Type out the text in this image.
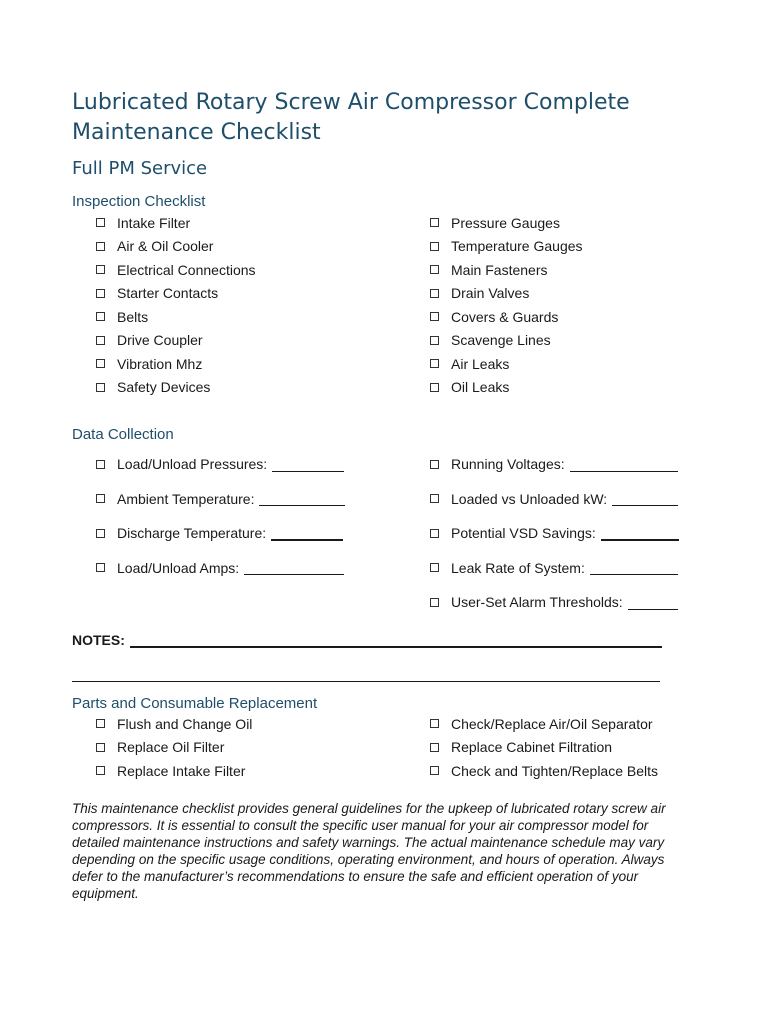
Lubricated Rotary Screw Air Compressor Complete Maintenance Checklist
Full PM Service
Inspection Checklist
Intake Filter
Air & Oil Cooler
Electrical Connections
Starter Contacts
Belts
Drive Coupler
Vibration Mhz
Safety Devices
Pressure Gauges
Temperature Gauges
Main Fasteners
Drain Valves
Covers & Guards
Scavenge Lines
Air Leaks
Oil Leaks
Data Collection
Load/Unload Pressures:
Ambient Temperature:
Discharge Temperature:
Load/Unload Amps:
Running Voltages:
Loaded vs Unloaded kW:
Potential VSD Savings:
Leak Rate of System:
User-Set Alarm Thresholds:
NOTES:
Parts and Consumable Replacement
Flush and Change Oil
Replace Oil Filter
Replace Intake Filter
Check/Replace Air/Oil Separator
Replace Cabinet Filtration
Check and Tighten/Replace Belts

This maintenance checklist provides general guidelines for the upkeep of lubricated rotary screw air compressors. It is essential to consult the specific user manual for your air compressor model for detailed maintenance instructions and safety warnings. The actual maintenance schedule may vary depending on the specific usage conditions, operating environment, and hours of operation. Always defer to the manufacturer’s recommendations to ensure the safe and efficient operation of your equipment.
